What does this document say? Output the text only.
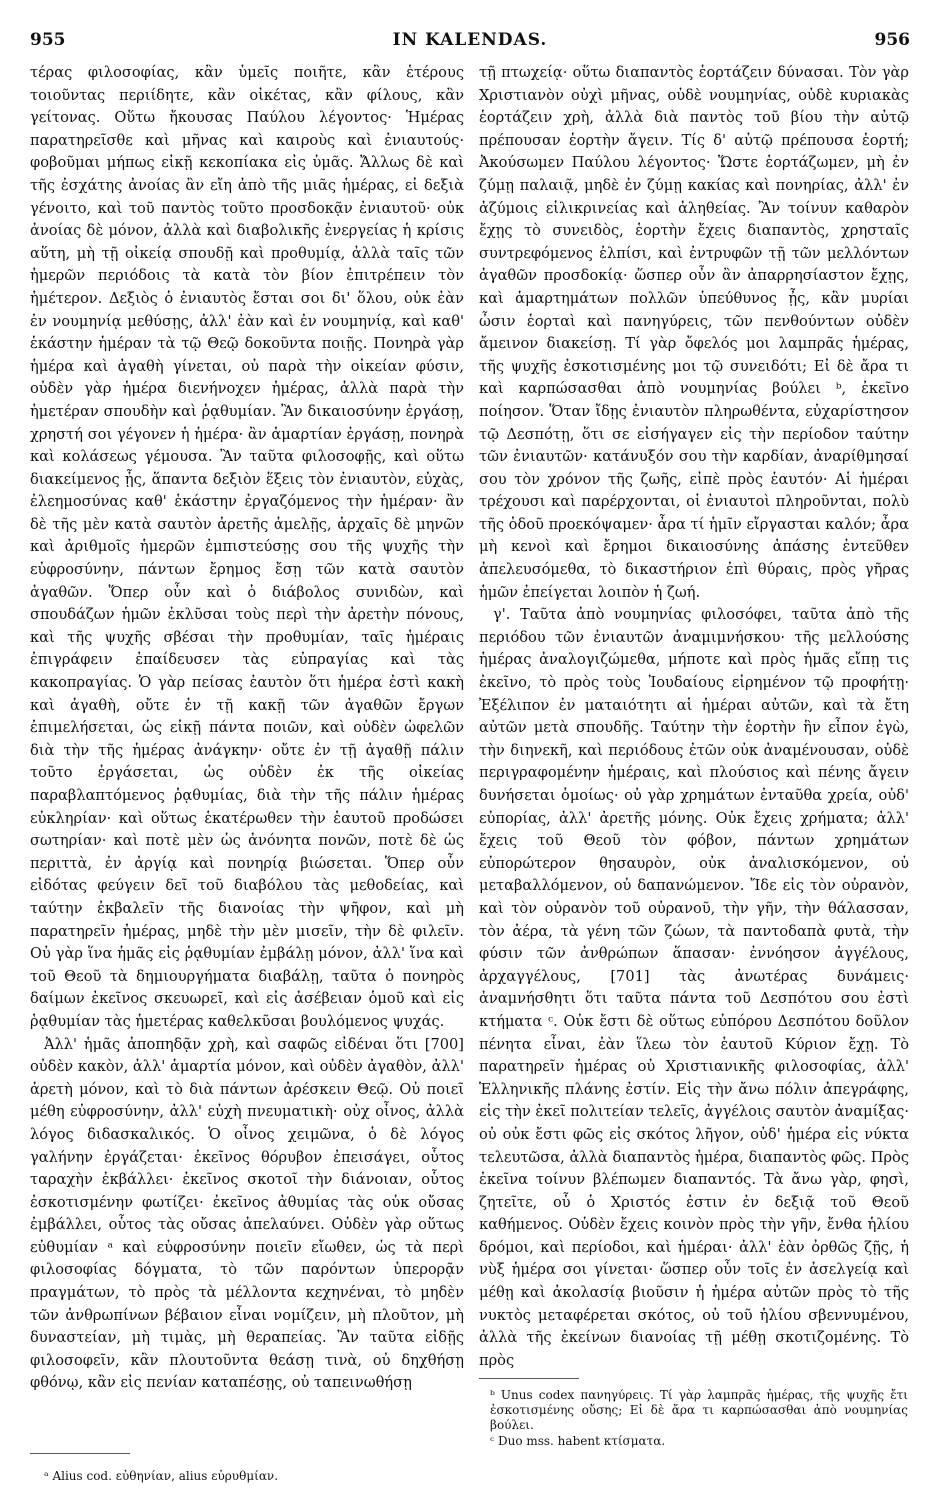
955	IN KALENDAS.	956

τέρας φιλοσοφίας, κἂν ὑμεῖς ποιῆτε, κἂν ἑτέρους τοιοῦντας περιίδητε, κἂν οἰκέτας, κἂν φίλους, κἂν γείτονας. Οὕτω ἤκουσας Παύλου λέγοντος· Ἡμέρας παρατηρεῖσθε καὶ μῆνας καὶ καιροὺς καὶ ἐνιαυτούς· φοβοῦμαι μήπως εἰκῇ κεκοπίακα εἰς ὑμᾶς. Ἄλλως δὲ καὶ τῆς ἐσχάτης ἀνοίας ἂν εἴη ἀπὸ τῆς μιᾶς ἡμέρας, εἰ δεξιὰ γένοιτο, καὶ τοῦ παντὸς τοῦτο προσδοκᾷν ἐνιαυτοῦ· οὐκ ἀνοίας δὲ μόνον, ἀλλὰ καὶ διαβολικῆς ἐνεργείας ἡ κρίσις αὕτη, μὴ τῇ οἰκείᾳ σπουδῇ καὶ προθυμίᾳ, ἀλλὰ ταῖς τῶν ἡμερῶν περιόδοις τὰ κατὰ τὸν βίον ἐπιτρέπειν τὸν ἡμέτερον. Δεξιὸς ὁ ἐνιαυτὸς ἔσται σοι δι' ὅλου, οὐκ ἐὰν ἐν νουμηνίᾳ μεθύσῃς, ἀλλ' ἐὰν καὶ ἐν νουμηνίᾳ, καὶ καθ' ἑκάστην ἡμέραν τὰ τῷ Θεῷ δοκοῦντα ποιῇς. Πονηρὰ γὰρ ἡμέρα καὶ ἀγαθὴ γίνεται, οὐ παρὰ τὴν οἰκείαν φύσιν, οὐδὲν γὰρ ἡμέρα διενήνοχεν ἡμέρας, ἀλλὰ παρὰ τὴν ἡμετέραν σπουδὴν καὶ ῥᾳθυμίαν. Ἂν δικαιοσύνην ἐργάσῃ, χρηστή σοι γέγονεν ἡ ἡμέρα· ἂν ἁμαρτίαν ἐργάσῃ, πονηρὰ καὶ κολάσεως γέμουσα. Ἂν ταῦτα φιλοσοφῇς, καὶ οὕτω διακείμενος ᾖς, ἅπαντα δεξιὸν ἕξεις τὸν ἐνιαυτὸν, εὐχὰς, ἐλεημοσύνας καθ' ἑκάστην ἐργαζόμενος τὴν ἡμέραν· ἂν δὲ τῆς μὲν κατὰ σαυτὸν ἀρετῆς ἀμελῇς, ἀρχαῖς δὲ μηνῶν καὶ ἀριθμοῖς ἡμερῶν ἐμπιστεύσῃς σου τῆς ψυχῆς τὴν εὐφροσύνην, πάντων ἔρημος ἔσῃ τῶν κατὰ σαυτὸν ἀγαθῶν. Ὅπερ οὖν καὶ ὁ διάβολος συνιδὼν, καὶ σπουδάζων ἡμῶν ἐκλῦσαι τοὺς περὶ τὴν ἀρετὴν πόνους, καὶ τῆς ψυχῆς σβέσαι τὴν προθυμίαν, ταῖς ἡμέραις ἐπιγράφειν ἐπαίδευσεν τὰς εὐπραγίας καὶ τὰς κακοπραγίας. Ὁ γὰρ πείσας ἑαυτὸν ὅτι ἡμέρα ἐστὶ κακὴ καὶ ἀγαθὴ, οὔτε ἐν τῇ κακῇ τῶν ἀγαθῶν ἔργων ἐπιμελήσεται, ὡς εἰκῇ πάντα ποιῶν, καὶ οὐδὲν ὠφελῶν διὰ τὴν τῆς ἡμέρας ἀνάγκην· οὔτε ἐν τῇ ἀγαθῇ πάλιν τοῦτο ἐργάσεται, ὡς οὐδὲν ἐκ τῆς οἰκείας παραβλαπτόμενος ῥᾳθυμίας, διὰ τὴν τῆς πάλιν ἡμέρας εὐκληρίαν· καὶ οὕτως ἑκατέρωθεν τὴν ἑαυτοῦ προδώσει σωτηρίαν· καὶ ποτὲ μὲν ὡς ἀνόνητα πονῶν, ποτὲ δὲ ὡς περιττὰ, ἐν ἀργίᾳ καὶ πονηρίᾳ βιώσεται. Ὅπερ οὖν εἰδότας φεύγειν δεῖ τοῦ διαβόλου τὰς μεθοδείας, καὶ ταύτην ἐκβαλεῖν τῆς διανοίας τὴν ψῆφον, καὶ μὴ παρατηρεῖν ἡμέρας, μηδὲ τὴν μὲν μισεῖν, τὴν δὲ φιλεῖν. Οὐ γὰρ ἵνα ἡμᾶς εἰς ῥᾳθυμίαν ἐμβάλῃ μόνον, ἀλλ' ἵνα καὶ τοῦ Θεοῦ τὰ δημιουργήματα διαβάλῃ, ταῦτα ὁ πονηρὸς δαίμων ἐκεῖνος σκευωρεῖ, καὶ εἰς ἀσέβειαν ὁμοῦ καὶ εἰς ῥᾳθυμίαν τὰς ἡμετέρας καθελκῦσαι βουλόμενος ψυχάς.

Ἀλλ' ἡμᾶς ἀποπηδᾷν χρὴ, καὶ σαφῶς εἰδέναι ὅτι [700] οὐδὲν κακὸν, ἀλλ' ἁμαρτία μόνον, καὶ οὐδὲν ἀγαθὸν, ἀλλ' ἀρετὴ μόνον, καὶ τὸ διὰ πάντων ἀρέσκειν Θεῷ. Οὐ ποιεῖ μέθη εὐφροσύνην, ἀλλ' εὐχὴ πνευματικὴ· οὐχ οἶνος, ἀλλὰ λόγος διδασκαλικός. Ὁ οἶνος χειμῶνα, ὁ δὲ λόγος γαλήνην ἐργάζεται· ἐκεῖνος θόρυβον ἐπεισάγει, οὗτος ταραχὴν ἐκβάλλει· ἐκεῖνος σκοτοῖ τὴν διάνοιαν, οὗτος ἐσκοτισμένην φωτίζει· ἐκεῖνος ἀθυμίας τὰς οὐκ οὔσας ἐμβάλλει, οὗτος τὰς οὔσας ἀπελαύνει. Οὐδὲν γὰρ οὕτως εὐθυμίαν ᵃ καὶ εὐφροσύνην ποιεῖν εἴωθεν, ὡς τὰ περὶ φιλοσοφίας δόγματα, τὸ τῶν παρόντων ὑπερορᾷν πραγμάτων, τὸ πρὸς τὰ μέλλοντα κεχηνέναι, τὸ μηδὲν τῶν ἀνθρωπίνων βέβαιον εἶναι νομίζειν, μὴ πλοῦτον, μὴ δυναστείαν, μὴ τιμὰς, μὴ θεραπείας. Ἂν ταῦτα εἰδῇς φιλοσοφεῖν, κἂν πλουτοῦντα θεάσῃ τινὰ, οὐ δηχθήσῃ φθόνῳ, κἂν εἰς πενίαν καταπέσῃς, οὐ ταπεινωθήσῃ

τῇ πτωχείᾳ· οὕτω διαπαντὸς ἑορτάζειν δύνασαι. Τὸν γὰρ Χριστιανὸν οὐχὶ μῆνας, οὐδὲ νουμηνίας, οὐδὲ κυριακὰς ἑορτάζειν χρὴ, ἀλλὰ διὰ παντὸς τοῦ βίου τὴν αὐτῷ πρέπουσαν ἑορτὴν ἄγειν. Τίς δ' αὐτῷ πρέπουσα ἑορτή; Ἀκούσωμεν Παύλου λέγοντος· Ὥστε ἑορτάζωμεν, μὴ ἐν ζύμῃ παλαιᾷ, μηδὲ ἐν ζύμῃ κακίας καὶ πονηρίας, ἀλλ' ἐν ἀζύμοις εἰλικρινείας καὶ ἀληθείας. Ἂν τοίνυν καθαρὸν ἔχῃς τὸ συνειδὸς, ἑορτὴν ἔχεις διαπαντὸς, χρησταῖς συντρεφόμενος ἐλπίσι, καὶ ἐντρυφῶν τῇ τῶν μελλόντων ἀγαθῶν προσδοκίᾳ· ὥσπερ οὖν ἂν ἀπαρρησίαστον ἔχῃς, καὶ ἁμαρτημάτων πολλῶν ὑπεύθυνος ᾖς, κἂν μυρίαι ὦσιν ἑορταὶ καὶ πανηγύρεις, τῶν πενθούντων οὐδὲν ἄμεινον διακείσῃ. Τί γὰρ ὄφελός μοι λαμπρᾶς ἡμέρας, τῆς ψυχῆς ἐσκοτισμένης μοι τῷ συνειδότι; Εἰ δὲ ἄρα τι καὶ καρπώσασθαι ἀπὸ νουμηνίας βούλει ᵇ, ἐκεῖνο ποίησον. Ὅταν ἴδῃς ἐνιαυτὸν πληρωθέντα, εὐχαρίστησον τῷ Δεσπότῃ, ὅτι σε εἰσήγαγεν εἰς τὴν περίοδον ταύτην τῶν ἐνιαυτῶν· κατάνυξόν σου τὴν καρδίαν, ἀναρίθμησαί σου τὸν χρόνον τῆς ζωῆς, εἰπὲ πρὸς ἑαυτόν· Αἱ ἡμέραι τρέχουσι καὶ παρέρχονται, οἱ ἐνιαυτοὶ πληροῦνται, πολὺ τῆς ὁδοῦ προεκόψαμεν· ἆρα τί ἡμῖν εἴργασται καλόν; ἆρα μὴ κενοὶ καὶ ἔρημοι δικαιοσύνης ἁπάσης ἐντεῦθεν ἀπελευσόμεθα, τὸ δικαστήριον ἐπὶ θύραις, πρὸς γῆρας ἡμῶν ἐπείγεται λοιπὸν ἡ ζωή.

γ'. Ταῦτα ἀπὸ νουμηνίας φιλοσόφει, ταῦτα ἀπὸ τῆς περιόδου τῶν ἐνιαυτῶν ἀναμιμνήσκου· τῆς μελλούσης ἡμέρας ἀναλογιζώμεθα, μήποτε καὶ πρὸς ἡμᾶς εἴπῃ τις ἐκεῖνο, τὸ πρὸς τοὺς Ἰουδαίους εἰρημένον τῷ προφήτῃ· Ἐξέλιπον ἐν ματαιότητι αἱ ἡμέραι αὐτῶν, καὶ τὰ ἔτη αὐτῶν μετὰ σπουδῆς. Ταύτην τὴν ἑορτὴν ἣν εἶπον ἐγὼ, τὴν διηνεκῆ, καὶ περιόδους ἐτῶν οὐκ ἀναμένουσαν, οὐδὲ περιγραφομένην ἡμέραις, καὶ πλούσιος καὶ πένης ἄγειν δυνήσεται ὁμοίως· οὐ γὰρ χρημάτων ἐνταῦθα χρεία, οὐδ' εὐπορίας, ἀλλ' ἀρετῆς μόνης. Οὐκ ἔχεις χρήματα; ἀλλ' ἔχεις τοῦ Θεοῦ τὸν φόβον, πάντων χρημάτων εὐπορώτερον θησαυρὸν, οὐκ ἀναλισκόμενον, οὐ μεταβαλλόμενον, οὐ δαπανώμενον. Ἴδε εἰς τὸν οὐρανὸν, καὶ τὸν οὐρανὸν τοῦ οὐρανοῦ, τὴν γῆν, τὴν θάλασσαν, τὸν ἀέρα, τὰ γένη τῶν ζώων, τὰ παντοδαπὰ φυτὰ, τὴν φύσιν τῶν ἀνθρώπων ἅπασαν· ἐννόησον ἀγγέλους, ἀρχαγγέλους, [701] τὰς ἀνωτέρας δυνάμεις· ἀναμνήσθητι ὅτι ταῦτα πάντα τοῦ Δεσπότου σου ἐστὶ κτήματα ᶜ. Οὐκ ἔστι δὲ οὕτως εὐπόρου Δεσπότου δοῦλον πένητα εἶναι, ἐὰν ἵλεω τὸν ἑαυτοῦ Κύριον ἔχῃ. Τὸ παρατηρεῖν ἡμέρας οὐ Χριστιανικῆς φιλοσοφίας, ἀλλ' Ἑλληνικῆς πλάνης ἐστίν. Εἰς τὴν ἄνω πόλιν ἀπεγράφης, εἰς τὴν ἐκεῖ πολιτείαν τελεῖς, ἀγγέλοις σαυτὸν ἀναμίξας· οὐ οὐκ ἔστι φῶς εἰς σκότος λῆγον, οὐδ' ἡμέρα εἰς νύκτα τελευτῶσα, ἀλλὰ διαπαντὸς ἡμέρα, διαπαντὸς φῶς. Πρὸς ἐκεῖνα τοίνυν βλέπωμεν διαπαντός. Τὰ ἄνω γὰρ, φησὶ, ζητεῖτε, οὗ ὁ Χριστός ἐστιν ἐν δεξιᾷ τοῦ Θεοῦ καθήμενος. Οὐδὲν ἔχεις κοινὸν πρὸς τὴν γῆν, ἔνθα ἡλίου δρόμοι, καὶ περίοδοι, καὶ ἡμέραι· ἀλλ' ἐὰν ὀρθῶς ζῇς, ἡ νὺξ ἡμέρα σοι γίνεται· ὥσπερ οὖν τοῖς ἐν ἀσελγείᾳ καὶ μέθῃ καὶ ἀκολασίᾳ βιοῦσιν ἡ ἡμέρα αὐτῶν πρὸς τὸ τῆς νυκτὸς μεταφέρεται σκότος, οὐ τοῦ ἡλίου σβεννυμένου, ἀλλὰ τῆς ἐκείνων διανοίας τῇ μέθῃ σκοτιζομένης. Τὸ πρὸς

ᵇ Unus codex πανηγύρεις. Τί γὰρ λαμπρᾶς ἡμέρας, τῆς ψυχῆς ἔτι ἐσκοτισμένης οὔσης; Εἰ δὲ ἄρα τι καρπώσασθαι ἀπὸ νουμηνίας βούλει.
ᶜ Duo mss. habent κτίσματα.
ᵃ Alius cod. εὐθηνίαν, alius εὐρυθμίαν.
